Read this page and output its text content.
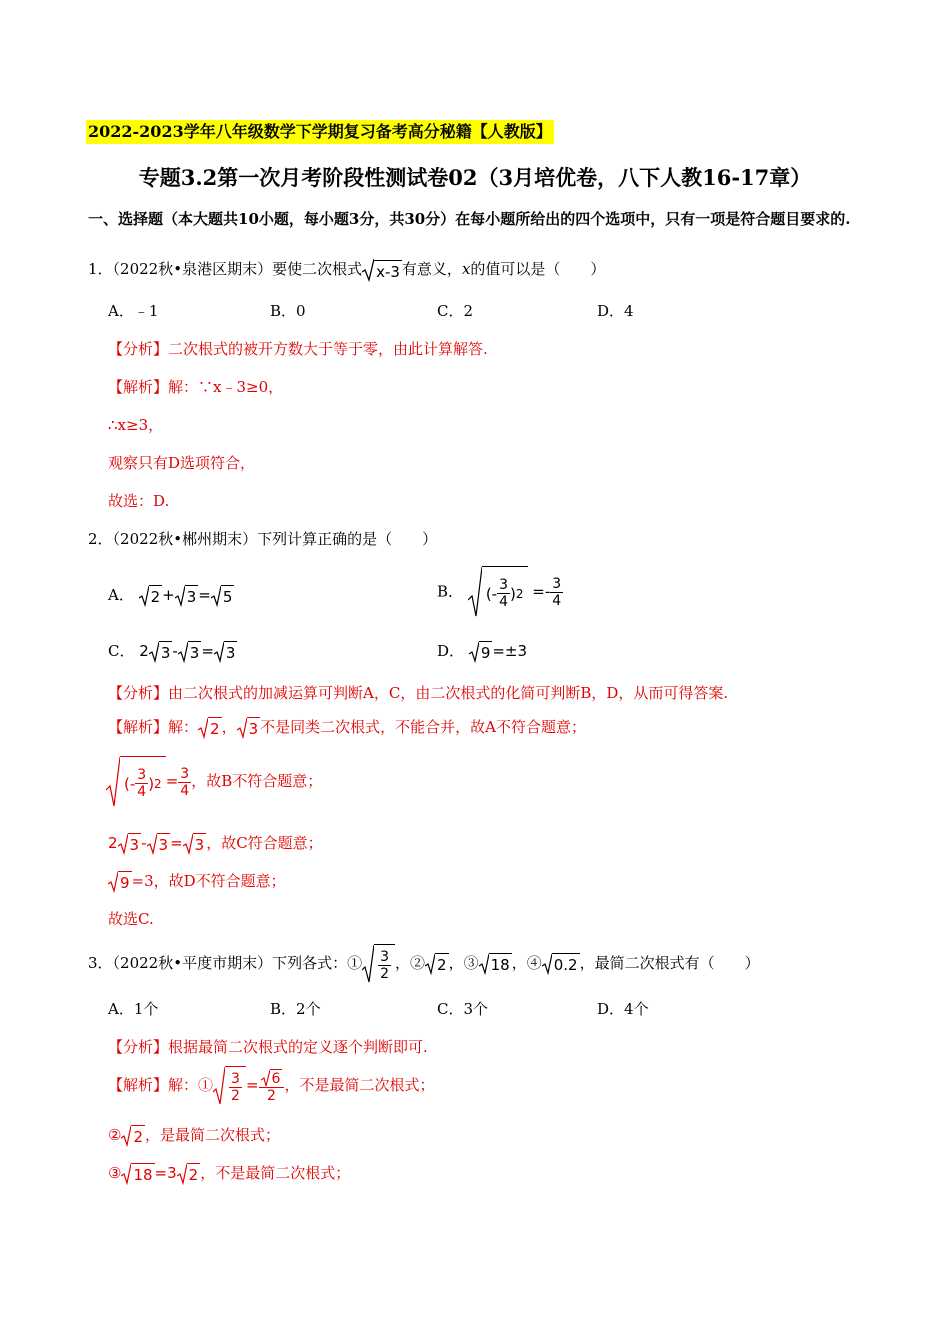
2022-2023学年八年级数学下学期复习备考高分秘籍【人教版】
专题3.2第一次月考阶段性测试卷02（3月培优卷，八下人教16-17章）
一、选择题（本大题共10小题，每小题3分，共30分）在每小题所给出的四个选项中，只有一项是符合题目要求的.
1．（2022秋•泉港区期末）要使二次根式 x-3 有意义，x的值可以是（　　）
A．﹣1	B．0	C．2	D．4
【分析】二次根式的被开方数大于等于零，由此计算解答.
【解析】解：∵x﹣3≥0，
∴x≥3，
观察只有D选项符合，
故选：D.
2．（2022秋•郴州期末）下列计算正确的是（　　）
A． 2 + 3 = 5	B． (- $\frac{3}{4}$ ) $2 =- \frac{3}{4}$
C． 2 3 - 3 = 3	D． 9 =±3
【分析】由二次根式的加减运算可判断A，C，由二次根式的化简可判断B，D，从而可得答案.
【解析】解： 2 ， 3 不是同类二次根式，不能合并，故A不符合题意；
(- $\frac{3}{4}$ ) $2 = \frac{3}{4}$ ，故B不符合题意；
2 3 - 3 = 3 ，故C符合题意；
9 =3，故D不符合题意；
故选C.
3．（2022秋•平度市期末）下列各式：① $\frac{3}{2}$ ，② 2 ，③ 18 ，④ 0.2 ，最简二次根式有（　　）
A．1个	B．2个	C．3个	D．4个
【分析】根据最简二次根式的定义逐个判断即可.
【解析】解：① $\frac{3}{2} = \frac{6}{2}$ ，不是最简二次根式；
② 2 ，是最简二次根式；
③ 18 =3 2 ，不是最简二次根式；
